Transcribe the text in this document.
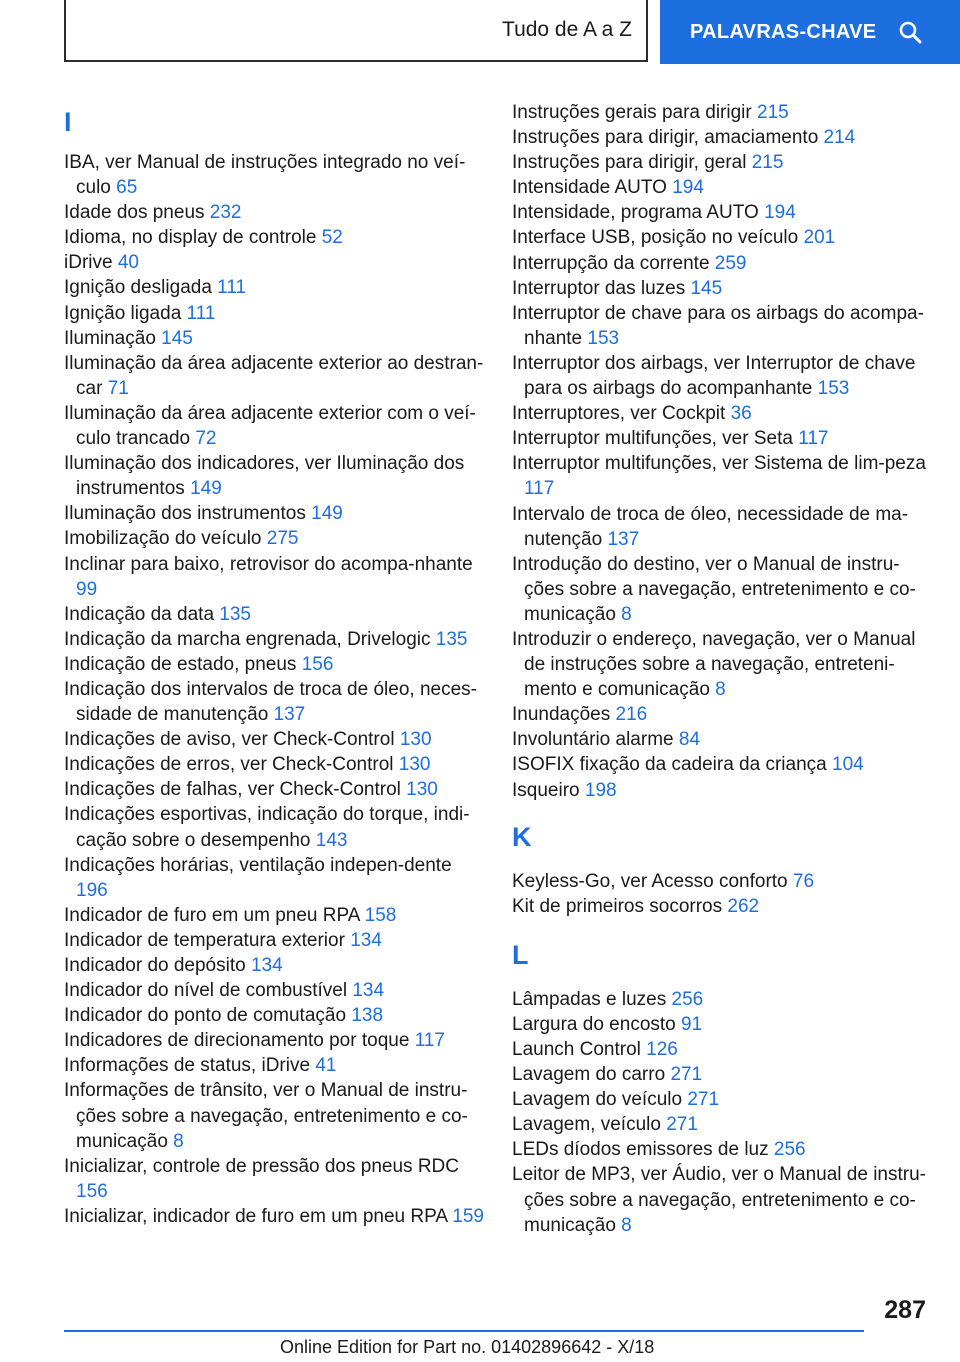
Tudo de A a Z	PALAVRAS-CHAVE
I
IBA, ver Manual de instruções integrado no veí-culo 65
Idade dos pneus 232
Idioma, no display de controle 52
iDrive 40
Ignição desligada 111
Ignição ligada 111
Iluminação 145
Iluminação da área adjacente exterior ao destran-car 71
Iluminação da área adjacente exterior com o veí-culo trancado 72
Iluminação dos indicadores, ver Iluminação dos instrumentos 149
Iluminação dos instrumentos 149
Imobilização do veículo 275
Inclinar para baixo, retrovisor do acompa-nhante 99
Indicação da data 135
Indicação da marcha engrenada, Drivelogic 135
Indicação de estado, pneus 156
Indicação dos intervalos de troca de óleo, neces-sidade de manutenção 137
Indicações de aviso, ver Check-Control 130
Indicações de erros, ver Check-Control 130
Indicações de falhas, ver Check-Control 130
Indicações esportivas, indicação do torque, indi-cação sobre o desempenho 143
Indicações horárias, ventilação indepen-dente 196
Indicador de furo em um pneu RPA 158
Indicador de temperatura exterior 134
Indicador do depósito 134
Indicador do nível de combustível 134
Indicador do ponto de comutação 138
Indicadores de direcionamento por toque 117
Informações de status, iDrive 41
Informações de trânsito, ver o Manual de instru-ções sobre a navegação, entretenimento e co-municação 8
Inicializar, controle de pressão dos pneus RDC 156
Inicializar, indicador de furo em um pneu RPA 159
Instruções gerais para dirigir 215
Instruções para dirigir, amaciamento 214
Instruções para dirigir, geral 215
Intensidade AUTO 194
Intensidade, programa AUTO 194
Interface USB, posição no veículo 201
Interrupção da corrente 259
Interruptor das luzes 145
Interruptor de chave para os airbags do acompa-nhante 153
Interruptor dos airbags, ver Interruptor de chave para os airbags do acompanhante 153
Interruptores, ver Cockpit 36
Interruptor multifunções, ver Seta 117
Interruptor multifunções, ver Sistema de lim-peza 117
Intervalo de troca de óleo, necessidade de ma-nutenção 137
Introdução do destino, ver o Manual de instru-ções sobre a navegação, entretenimento e co-municação 8
Introduzir o endereço, navegação, ver o Manual de instruções sobre a navegação, entreteni-mento e comunicação 8
Inundações 216
Involuntário alarme 84
ISOFIX fixação da cadeira da criança 104
Isqueiro 198
K
Keyless-Go, ver Acesso conforto 76
Kit de primeiros socorros 262
L
Lâmpadas e luzes 256
Largura do encosto 91
Launch Control 126
Lavagem do carro 271
Lavagem do veículo 271
Lavagem, veículo 271
LEDs díodos emissores de luz 256
Leitor de MP3, ver Áudio, ver o Manual de instru-ções sobre a navegação, entretenimento e co-municação 8
287
Online Edition for Part no. 01402896642 - X/18
